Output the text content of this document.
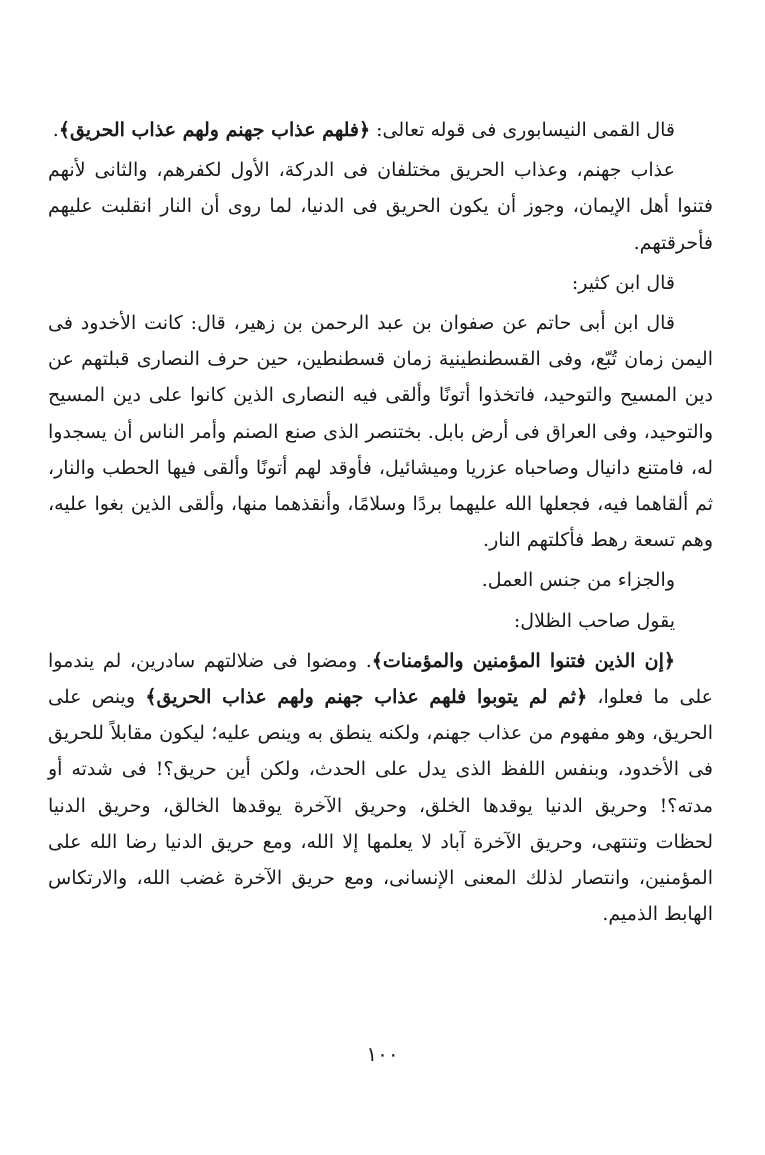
قال القمى النيسابورى فى قوله تعالى: ﴿فلهم عذاب جهنم ولهم عذاب الحريق﴾.

عذاب جهنم، وعذاب الحريق مختلفان فى الدركة، الأول لكفرهم، والثانى لأنهم فتنوا أهل الإيمان، وجوز أن يكون الحريق فى الدنيا، لما روى أن النار انقلبت عليهم فأحرقتهم.

قال ابن كثير:

قال ابن أبى حاتم عن صفوان بن عبد الرحمن بن زهير، قال: كانت الأخدود فى اليمن زمان تُبّع، وفى القسطنطينية زمان قسطنطين، حين حرف النصارى قبلتهم عن دين المسيح والتوحيد، فاتخذوا أتونًا وألقى فيه النصارى الذين كانوا على دين المسيح والتوحيد، وفى العراق فى أرض بابل. بختنصر الذى صنع الصنم وأمر الناس أن يسجدوا له، فامتنع دانيال وصاحباه عزريا وميشائيل، فأوقد لهم أتونًا وألقى فيها الحطب والنار، ثم ألقاهما فيه، فجعلها الله عليهما بردًا وسلامًا، وأنقذهما منها، وألقى الذين بغوا عليه، وهم تسعة رهط فأكلتهم النار.

والجزاء من جنس العمل.

يقول صاحب الظلال:

﴿إن الذين فتنوا المؤمنين والمؤمنات﴾. ومضوا فى ضلالتهم سادرين، لم يندموا على ما فعلوا، ﴿ثم لم يتوبوا فلهم عذاب جهنم ولهم عذاب الحريق﴾ وينص على الحريق، وهو مفهوم من عذاب جهنم، ولكنه ينطق به وينص عليه؛ ليكون مقابلاً للحريق فى الأخدود، وبنفس اللفظ الذى يدل على الحدث، ولكن أين حريق؟! فى شدته أو مدته؟! وحريق الدنيا يوقدها الخلق، وحريق الآخرة يوقدها الخالق، وحريق الدنيا لحظات وتنتهى، وحريق الآخرة آباد لا يعلمها إلا الله، ومع حريق الدنيا رضا الله على المؤمنين، وانتصار لذلك المعنى الإنسانى، ومع حريق الآخرة غضب الله، والارتكاس الهابط الذميم.

١٠٠
